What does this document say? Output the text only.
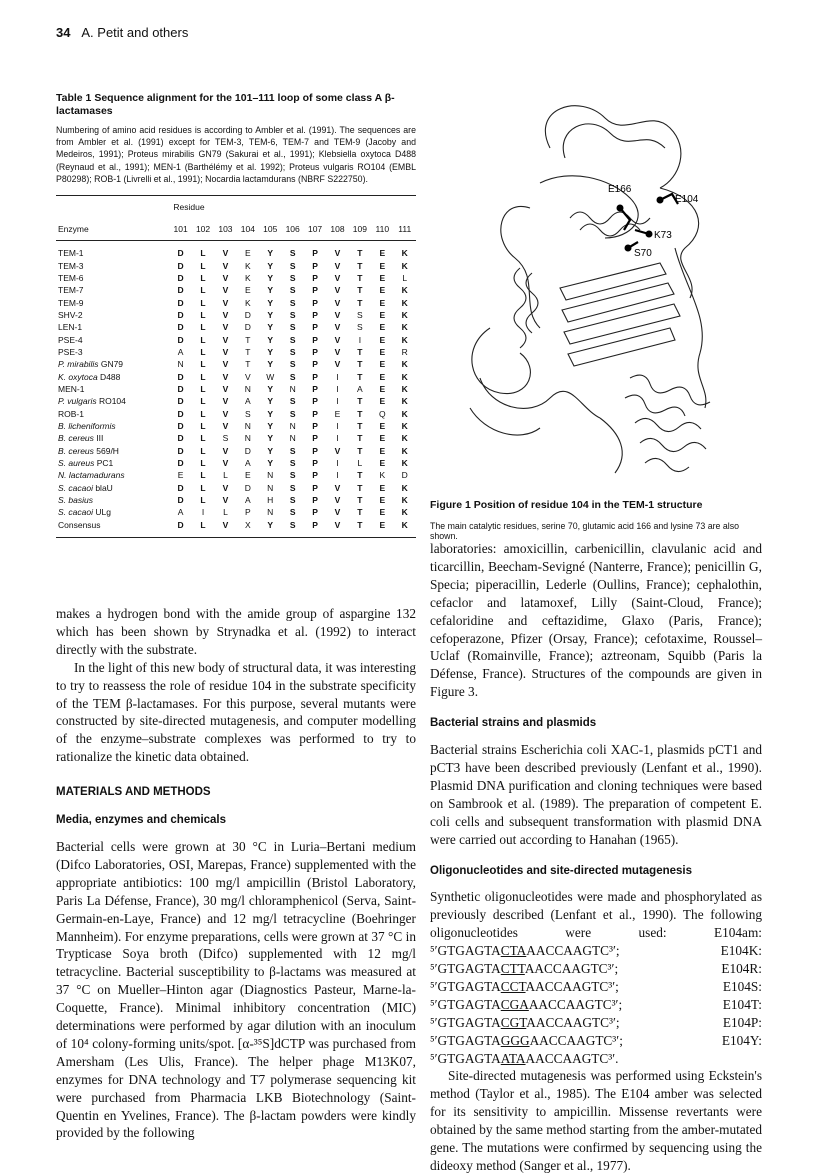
34 A. Petit and others
Table 1 Sequence alignment for the 101–111 loop of some class A β-lactamases
Numbering of amino acid residues is according to Ambler et al. (1991). The sequences are from Ambler et al. (1991) except for TEM-3, TEM-6, TEM-7 and TEM-9 (Jacoby and Medeiros, 1991); Proteus mirabilis GN79 (Sakurai et al., 1991); Klebsiella oxytoca D488 (Reynaud et al., 1991); MEN-1 (Barthélémy et al. 1992); Proteus vulgaris RO104 (EMBL P80298); ROB-1 (Livrelli et al., 1991); Nocardia lactamdurans (NBRF S222750).

	Residue										
Enzyme	101	102	103	104	105	106	107	108	109	110	111

TEM-1	D	L	V	E	Y	S	P	V	T	E	K
TEM-3	D	L	V	K	Y	S	P	V	T	E	K
TEM-6	D	L	V	K	Y	S	P	V	T	E	L
TEM-7	D	L	V	E	Y	S	P	V	T	E	K
TEM-9	D	L	V	K	Y	S	P	V	T	E	K
SHV-2	D	L	V	D	Y	S	P	V	S	E	K
LEN-1	D	L	V	D	Y	S	P	V	S	E	K
PSE-4	D	L	V	T	Y	S	P	V	I	E	K
PSE-3	A	L	V	T	Y	S	P	V	T	E	R
P. mirabilis GN79	N	L	V	T	Y	S	P	V	T	E	K
K. oxytoca D488	D	L	V	V	W	S	P	I	T	E	K
MEN-1	D	L	V	N	Y	N	P	I	A	E	K
P. vulgaris RO104	D	L	V	A	Y	S	P	I	T	E	K
ROB-1	D	L	V	S	Y	S	P	E	T	Q	K
B. licheniformis	D	L	V	N	Y	N	P	I	T	E	K
B. cereus III	D	L	S	N	Y	N	P	I	T	E	K
B. cereus 569/H	D	L	V	D	Y	S	P	V	T	E	K
S. aureus PC1	D	L	V	A	Y	S	P	I	L	E	K
N. lactamadurans	E	L	L	E	N	S	P	I	T	K	D
S. cacaoi blaU	D	L	V	D	N	S	P	V	T	E	K
S. basius	D	L	V	A	H	S	P	V	T	E	K
S. cacaoi ULg	A	I	L	P	N	S	P	V	T	E	K
Consensus	D	L	V	X	Y	S	P	V	T	E	K

makes a hydrogen bond with the amide group of aspargine 132 which has been shown by Strynadka et al. (1992) to interact directly with the substrate.

In the light of this new body of structural data, it was interesting to try to reassess the role of residue 104 in the substrate specificity of the TEM β-lactamases. For this purpose, several mutants were constructed by site-directed mutagenesis, and computer modelling of the enzyme–substrate complexes was performed to try to rationalize the kinetic data obtained.

MATERIALS AND METHODS
Media, enzymes and chemicals

Bacterial cells were grown at 30 °C in Luria–Bertani medium (Difco Laboratories, OSI, Marepas, France) supplemented with the appropriate antibiotics: 100 mg/l ampicillin (Bristol Laboratory, Paris La Défense, France), 30 mg/l chloramphenicol (Serva, Saint-Germain-en-Laye, France) and 12 mg/l tetracycline (Boehringer Mannheim). For enzyme preparations, cells were grown at 37 °C in Trypticase Soya broth (Difco) supplemented with 12 mg/l tetracycline. Bacterial susceptibility to β-lactams was measured at 37 °C on Mueller–Hinton agar (Diagnostics Pasteur, Marne-la-Coquette, France). Minimal inhibitory concentration (MIC) determinations were performed by agar dilution with an inoculum of 10⁴ colony-forming units/spot. [α-³⁵S]dCTP was purchased from Amersham (Les Ulis, France). The helper phage M13K07, enzymes for DNA technology and T7 polymerase sequencing kit were purchased from Pharmacia LKB Biotechnology (Saint-Quentin en Yvelines, France). The β-lactam powders were kindly provided by the following

E104
E166
K73
S70
Figure 1 Position of residue 104 in the TEM-1 structure
The main catalytic residues, serine 70, glutamic acid 166 and lysine 73 are also shown.

laboratories: amoxicillin, carbenicillin, clavulanic acid and ticarcillin, Beecham-Sevigné (Nanterre, France); penicillin G, Specia; piperacillin, Lederle (Oullins, France); cephalothin, cefaclor and latamoxef, Lilly (Saint-Cloud, France); cefaloridine and ceftazidime, Glaxo (Paris, France); cefoperazone, Pfizer (Orsay, France); cefotaxime, Roussel–Uclaf (Romainville, France); aztreonam, Squibb (Paris la Défense, France). Structures of the compounds are given in Figure 3.

Bacterial strains and plasmids

Bacterial strains Escherichia coli XAC-1, plasmids pCT1 and pCT3 have been described previously (Lenfant et al., 1990). Plasmid DNA purification and cloning techniques were based on Sambrook et al. (1989). The preparation of competent E. coli cells and subsequent transformation with plasmid DNA were carried out according to Hanahan (1965).

Oligonucleotides and site-directed mutagenesis

Synthetic oligonucleotides were made and phosphorylated as previously described (Lenfant et al., 1990). The following oligonucleotides were used:	E104am: ⁵′GTGAGTACTAAACCAAGTC³′; E104K: ⁵′GTGAGTACTTAACCAAGTC³′; E104R: ⁵′GTGAGTACCTAACCAAGTC³′; E104S: ⁵′GTGAGTACGAAACCAAGTC³′; E104T: ⁵′GTGAGTACGTAACCAAGTC³′; E104P: ⁵′GTGAGTAGGGAACCAAGTC³′; E104Y: ⁵′GTGAGTAATAAACCAAGTC³′.

Site-directed mutagenesis was performed using Eckstein's method (Taylor et al., 1985). The E104 amber was selected for its sensitivity to ampicillin. Missense revertants were obtained by the same method starting from the amber-mutated gene. The mutations were confirmed by sequencing using the dideoxy method (Sanger et al., 1977).
